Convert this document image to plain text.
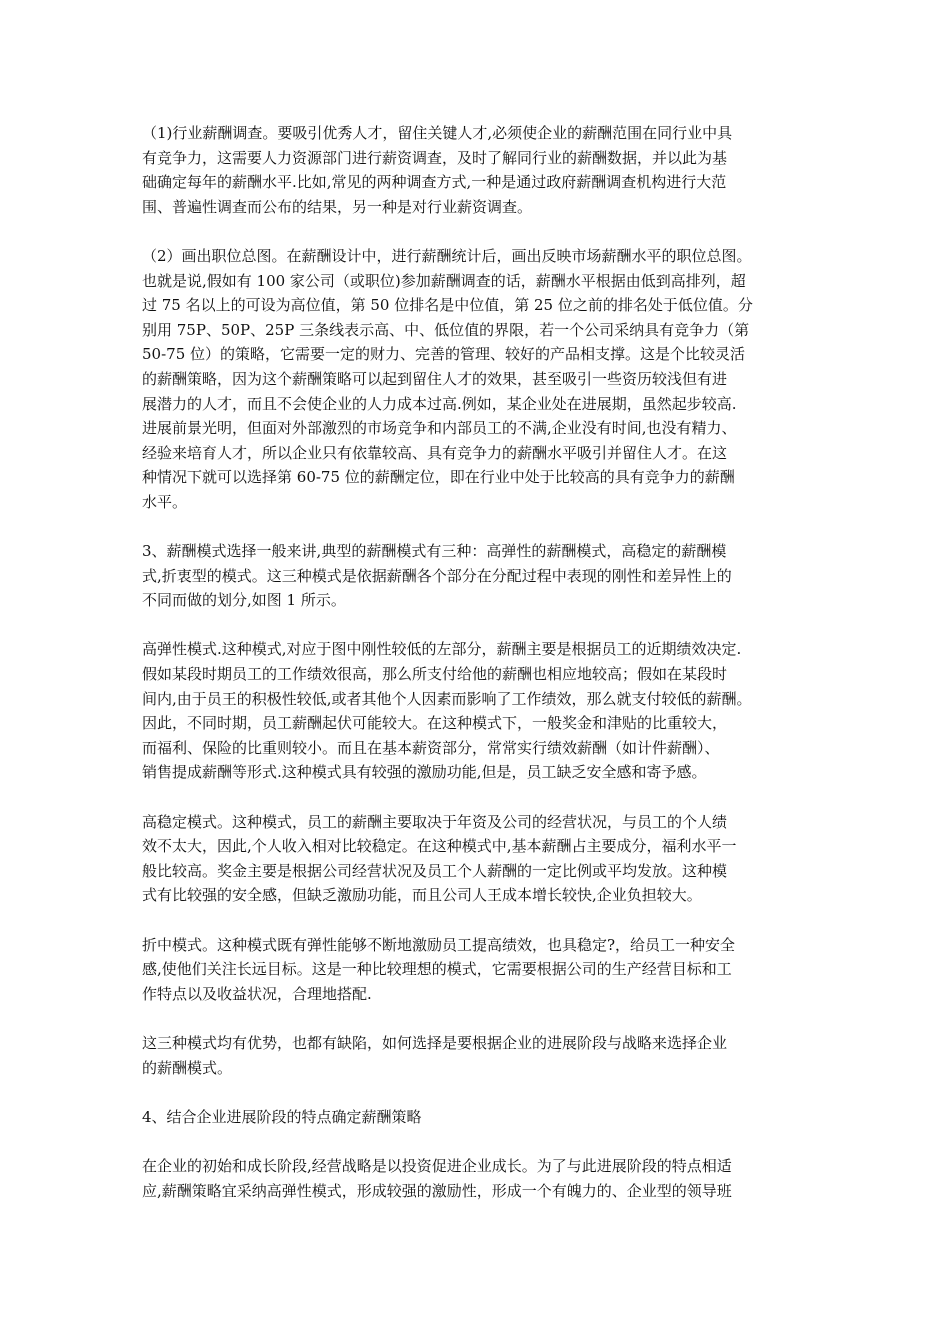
（1)行业薪酬调查。要吸引优秀人才，留住关键人才,必须使企业的薪酬范围在同行业中具
有竞争力，这需要人力资源部门进行薪资调查，及时了解同行业的薪酬数据，并以此为基
础确定每年的薪酬水平.比如,常见的两种调查方式,一种是通过政府薪酬调查机构进行大范
围、普遍性调查而公布的结果，另一种是对行业薪资调查。
（2）画出职位总图。在薪酬设计中，进行薪酬统计后，画出反映市场薪酬水平的职位总图。
也就是说,假如有 100 家公司（或职位)参加薪酬调查的话，薪酬水平根据由低到高排列，超
过 75 名以上的可设为高位值，第 50 位排名是中位值，第 25 位之前的排名处于低位值。分
别用 75P、50P、25P 三条线表示高、中、低位值的界限，若一个公司采纳具有竞争力（第
50-75 位）的策略，它需要一定的财力、完善的管理、较好的产品相支撑。这是个比较灵活
的薪酬策略，因为这个薪酬策略可以起到留住人才的效果，甚至吸引一些资历较浅但有进
展潜力的人才，而且不会使企业的人力成本过高.例如，某企业处在进展期，虽然起步较高.
进展前景光明，但面对外部激烈的市场竞争和内部员工的不满,企业没有时间,也没有精力、
经验来培育人才，所以企业只有依靠较高、具有竞争力的薪酬水平吸引并留住人才。在这
种情况下就可以选择第 60-75 位的薪酬定位，即在行业中处于比较高的具有竞争力的薪酬
水平。
3、薪酬模式选择一般来讲,典型的薪酬模式有三种：高弹性的薪酬模式，高稳定的薪酬模
式,折衷型的模式。这三种模式是依据薪酬各个部分在分配过程中表现的刚性和差异性上的
不同而做的划分,如图 1 所示。
高弹性模式.这种模式,对应于图中刚性较低的左部分，薪酬主要是根据员工的近期绩效决定.
假如某段时期员工的工作绩效很高，那么所支付给他的薪酬也相应地较高；假如在某段时
间内,由于员王的积极性较低,或者其他个人因素而影响了工作绩效，那么就支付较低的薪酬。
因此，不同时期，员工薪酬起伏可能较大。在这种模式下，一般奖金和津贴的比重较大，
而福利、保险的比重则较小。而且在基本薪资部分，常常实行绩效薪酬（如计件薪酬）、
销售提成薪酬等形式.这种模式具有较强的激励功能,但是，员工缺乏安全感和寄予感。
高稳定模式。这种模式，员工的薪酬主要取决于年资及公司的经营状况，与员工的个人绩
效不太大，因此,个人收入相对比较稳定。在这种模式中,基本薪酬占主要成分，福利水平一
般比较高。奖金主要是根据公司经营状况及员工个人薪酬的一定比例或平均发放。这种模
式有比较强的安全感，但缺乏激励功能，而且公司人王成本增长较快,企业负担较大。
折中模式。这种模式既有弹性能够不断地激励员工提高绩效，也具稳定?，给员工一种安全
感,使他们关注长远目标。这是一种比较理想的模式，它需要根据公司的生产经营目标和工
作特点以及收益状况，合理地搭配.
这三种模式均有优势，也都有缺陷，如何选择是要根据企业的进展阶段与战略来选择企业
的薪酬模式。
4、结合企业进展阶段的特点确定薪酬策略
在企业的初始和成长阶段,经营战略是以投资促进企业成长。为了与此进展阶段的特点相适
应,薪酬策略宜采纳高弹性模式，形成较强的激励性，形成一个有魄力的、企业型的领导班
